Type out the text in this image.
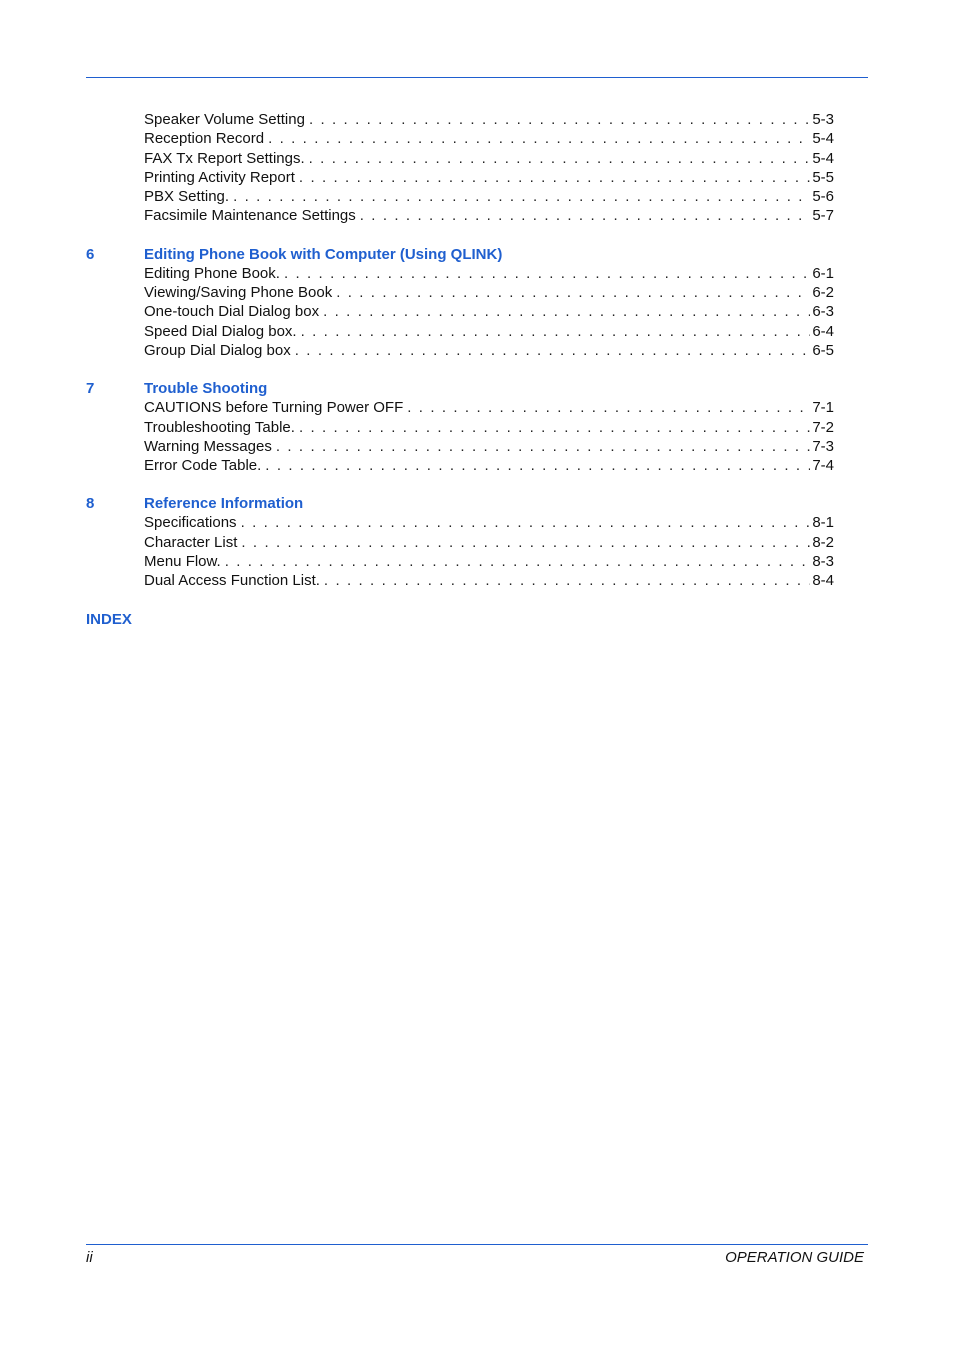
Speaker Volume Setting . . .	5-3
Reception Record . . .	5-4
FAX Tx Report Settings. . . .	5-4
Printing Activity Report . . .	5-5
PBX Setting. . . .	5-6
Facsimile Maintenance Settings . . .	5-7
6	Editing Phone Book with Computer (Using QLINK)
Editing Phone Book. . . .	6-1
Viewing/Saving Phone Book . . .	6-2
One-touch Dial Dialog box . . .	6-3
Speed Dial Dialog box. . . .	6-4
Group Dial Dialog box . . .	6-5
7	Trouble Shooting
CAUTIONS before Turning Power OFF . . .	7-1
Troubleshooting Table. . . .	7-2
Warning Messages . . .	7-3
Error Code Table. . . .	7-4
8	Reference Information
Specifications . . .	8-1
Character List . . .	8-2
Menu Flow. . . .	8-3
Dual Access Function List. . . .	8-4
INDEX
ii	OPERATION GUIDE
